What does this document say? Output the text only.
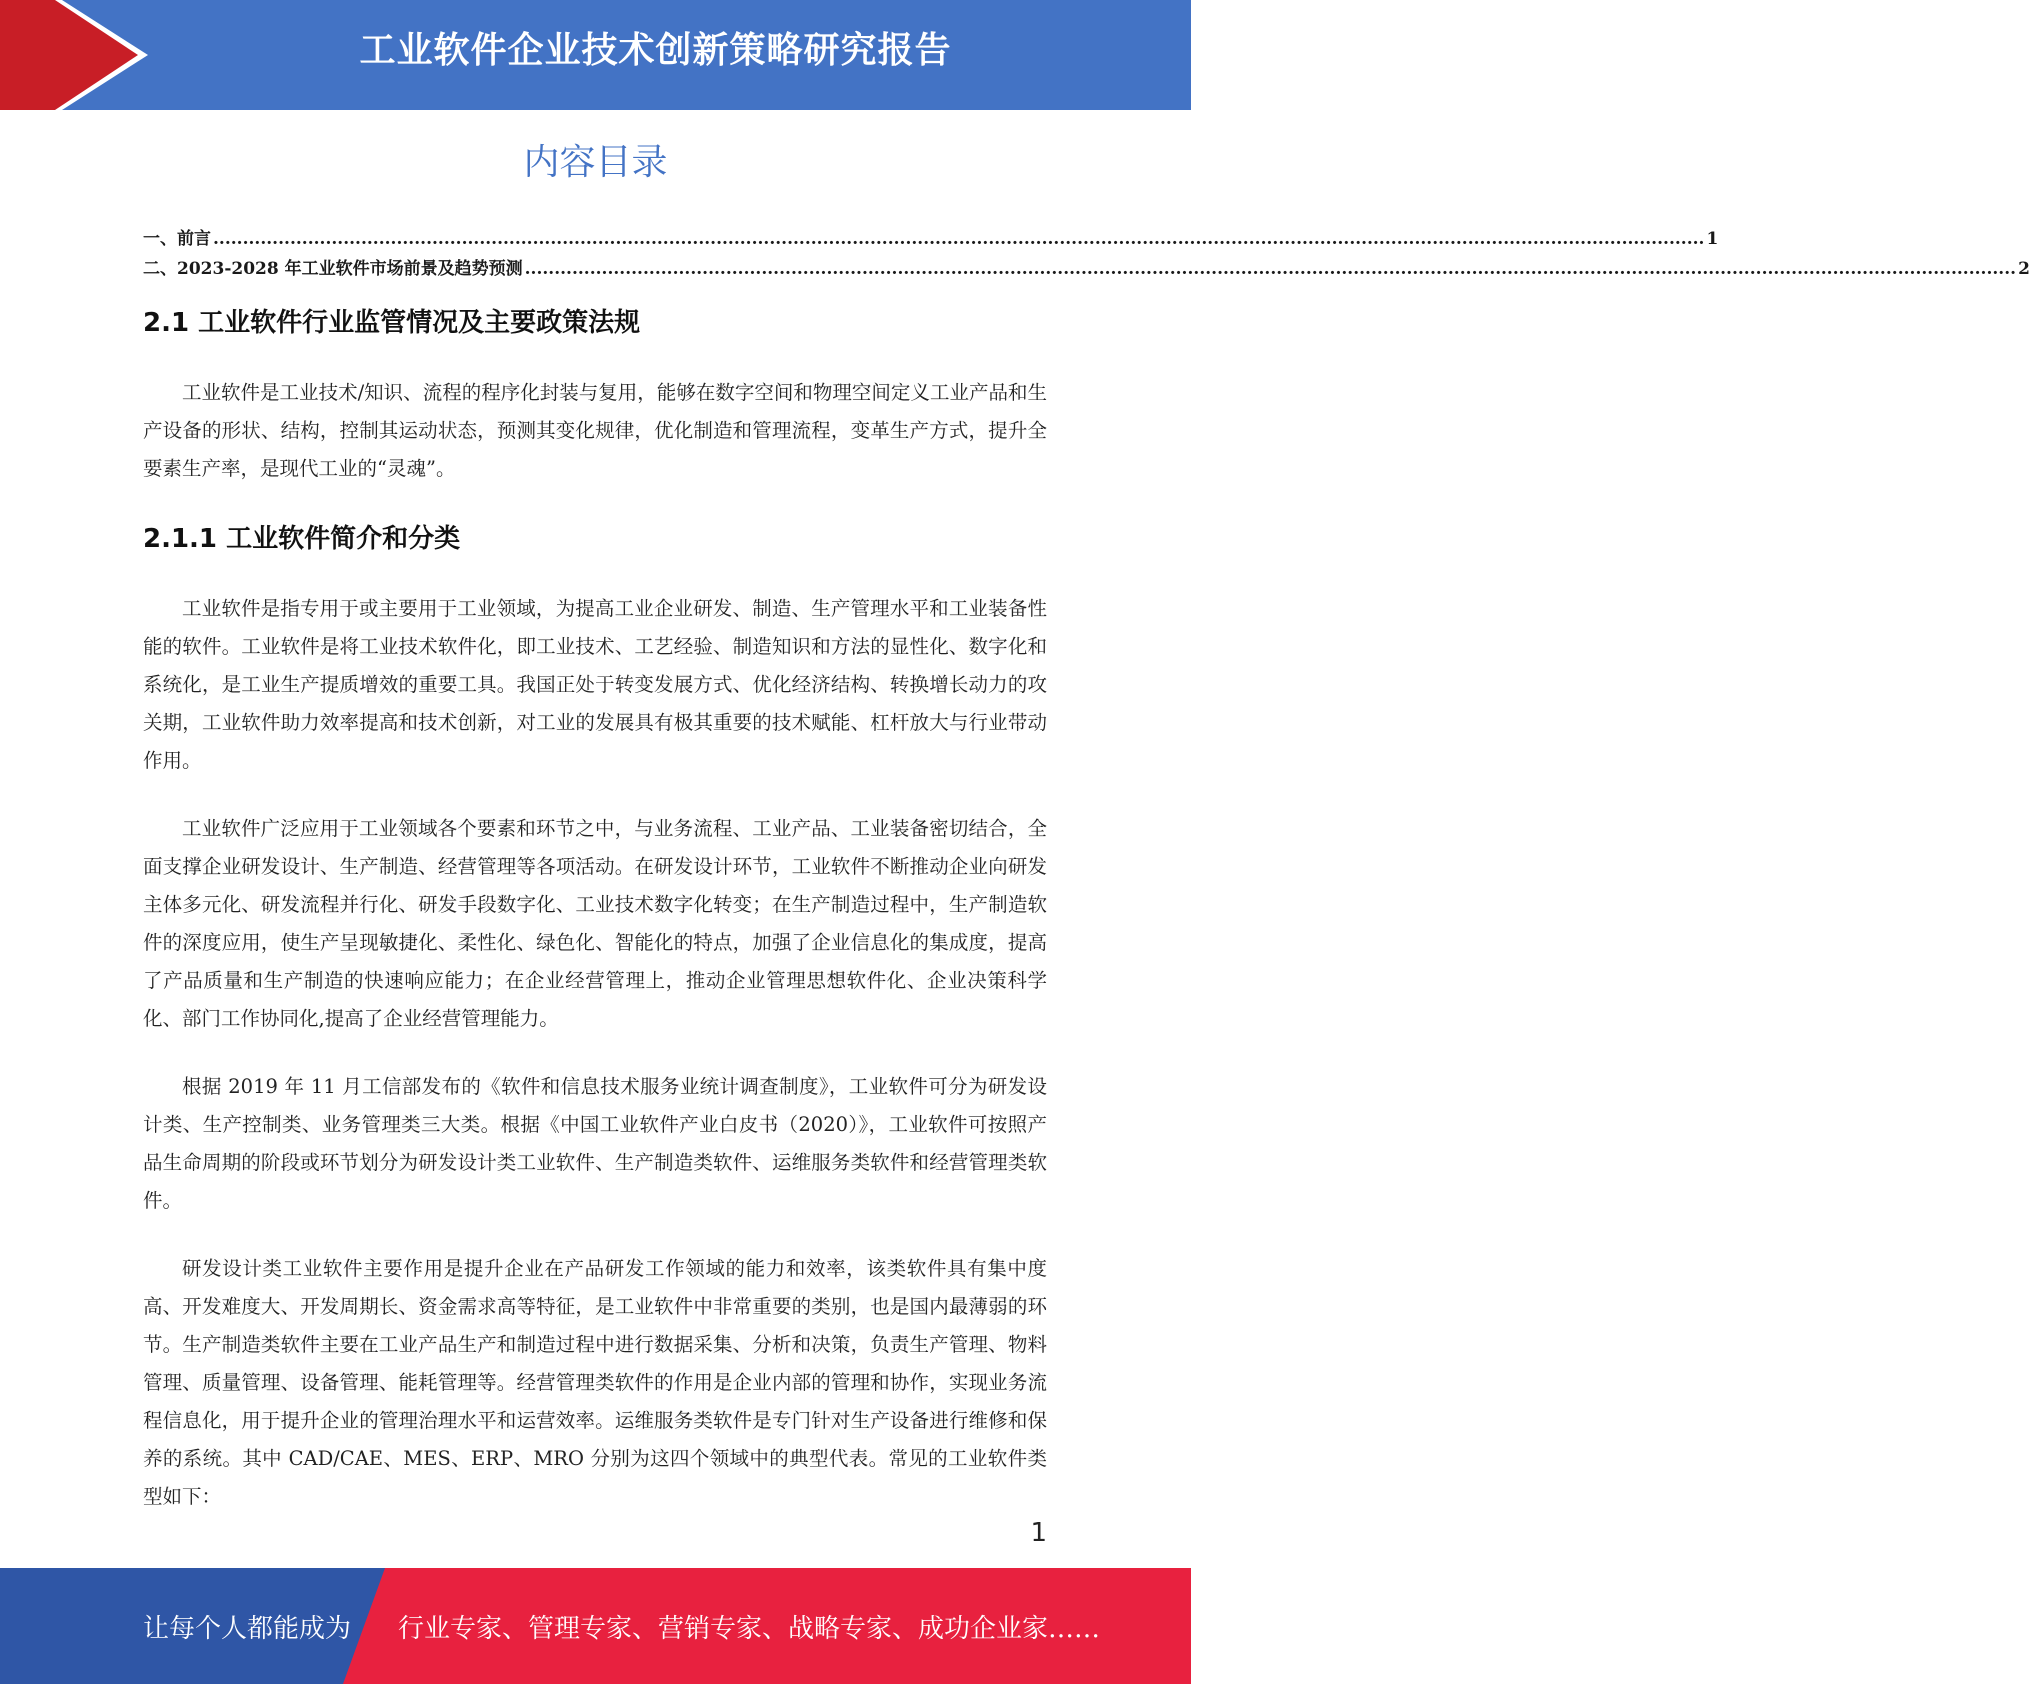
工业软件企业技术创新策略研究报告
内容目录
一、前言 ............................................................................................................................................................................................................................................................ 1
二、2023-2028 年工业软件市场前景及趋势预测 ............................................................................................................................................................................................................................................................ 2
2.1 工业软件行业监管情况及主要政策法规
工业软件是工业技术/知识、流程的程序化封装与复用，能够在数字空间和物理空间定义工业产品和生产设备的形状、结构，控制其运动状态，预测其变化规律，优化制造和管理流程，变革生产方式，提升全要素生产率，是现代工业的“灵魂”。
2.1.1 工业软件简介和分类
工业软件是指专用于或主要用于工业领域，为提高工业企业研发、制造、生产管理水平和工业装备性能的软件。工业软件是将工业技术软件化，即工业技术、工艺经验、制造知识和方法的显性化、数字化和系统化，是工业生产提质增效的重要工具。我国正处于转变发展方式、优化经济结构、转换增长动力的攻关期，工业软件助力效率提高和技术创新，对工业的发展具有极其重要的技术赋能、杠杆放大与行业带动作用。
工业软件广泛应用于工业领域各个要素和环节之中，与业务流程、工业产品、工业装备密切结合，全面支撑企业研发设计、生产制造、经营管理等各项活动。在研发设计环节，工业软件不断推动企业向研发主体多元化、研发流程并行化、研发手段数字化、工业技术数字化转变；在生产制造过程中，生产制造软件的深度应用，使生产呈现敏捷化、柔性化、绿色化、智能化的特点，加强了企业信息化的集成度，提高了产品质量和生产制造的快速响应能力；在企业经营管理上，推动企业管理思想软件化、企业决策科学化、部门工作协同化,提高了企业经营管理能力。
根据 2019 年 11 月工信部发布的《软件和信息技术服务业统计调查制度》，工业软件可分为研发设计类、生产控制类、业务管理类三大类。根据《中国工业软件产业白皮书（2020）》，工业软件可按照产品生命周期的阶段或环节划分为研发设计类工业软件、生产制造类软件、运维服务类软件和经营管理类软件。
研发设计类工业软件主要作用是提升企业在产品研发工作领域的能力和效率，该类软件具有集中度高、开发难度大、开发周期长、资金需求高等特征，是工业软件中非常重要的类别，也是国内最薄弱的环节。生产制造类软件主要在工业产品生产和制造过程中进行数据采集、分析和决策，负责生产管理、物料管理、质量管理、设备管理、能耗管理等。经营管理类软件的作用是企业内部的管理和协作，实现业务流程信息化，用于提升企业的管理治理水平和运营效率。运维服务类软件是专门针对生产设备进行维修和保养的系统。其中 CAD/CAE、MES、ERP、MRO 分别为这四个领域中的典型代表。常见的工业软件类型如下：
1
让每个人都能成为 行业专家、管理专家、营销专家、战略专家、成功企业家……
